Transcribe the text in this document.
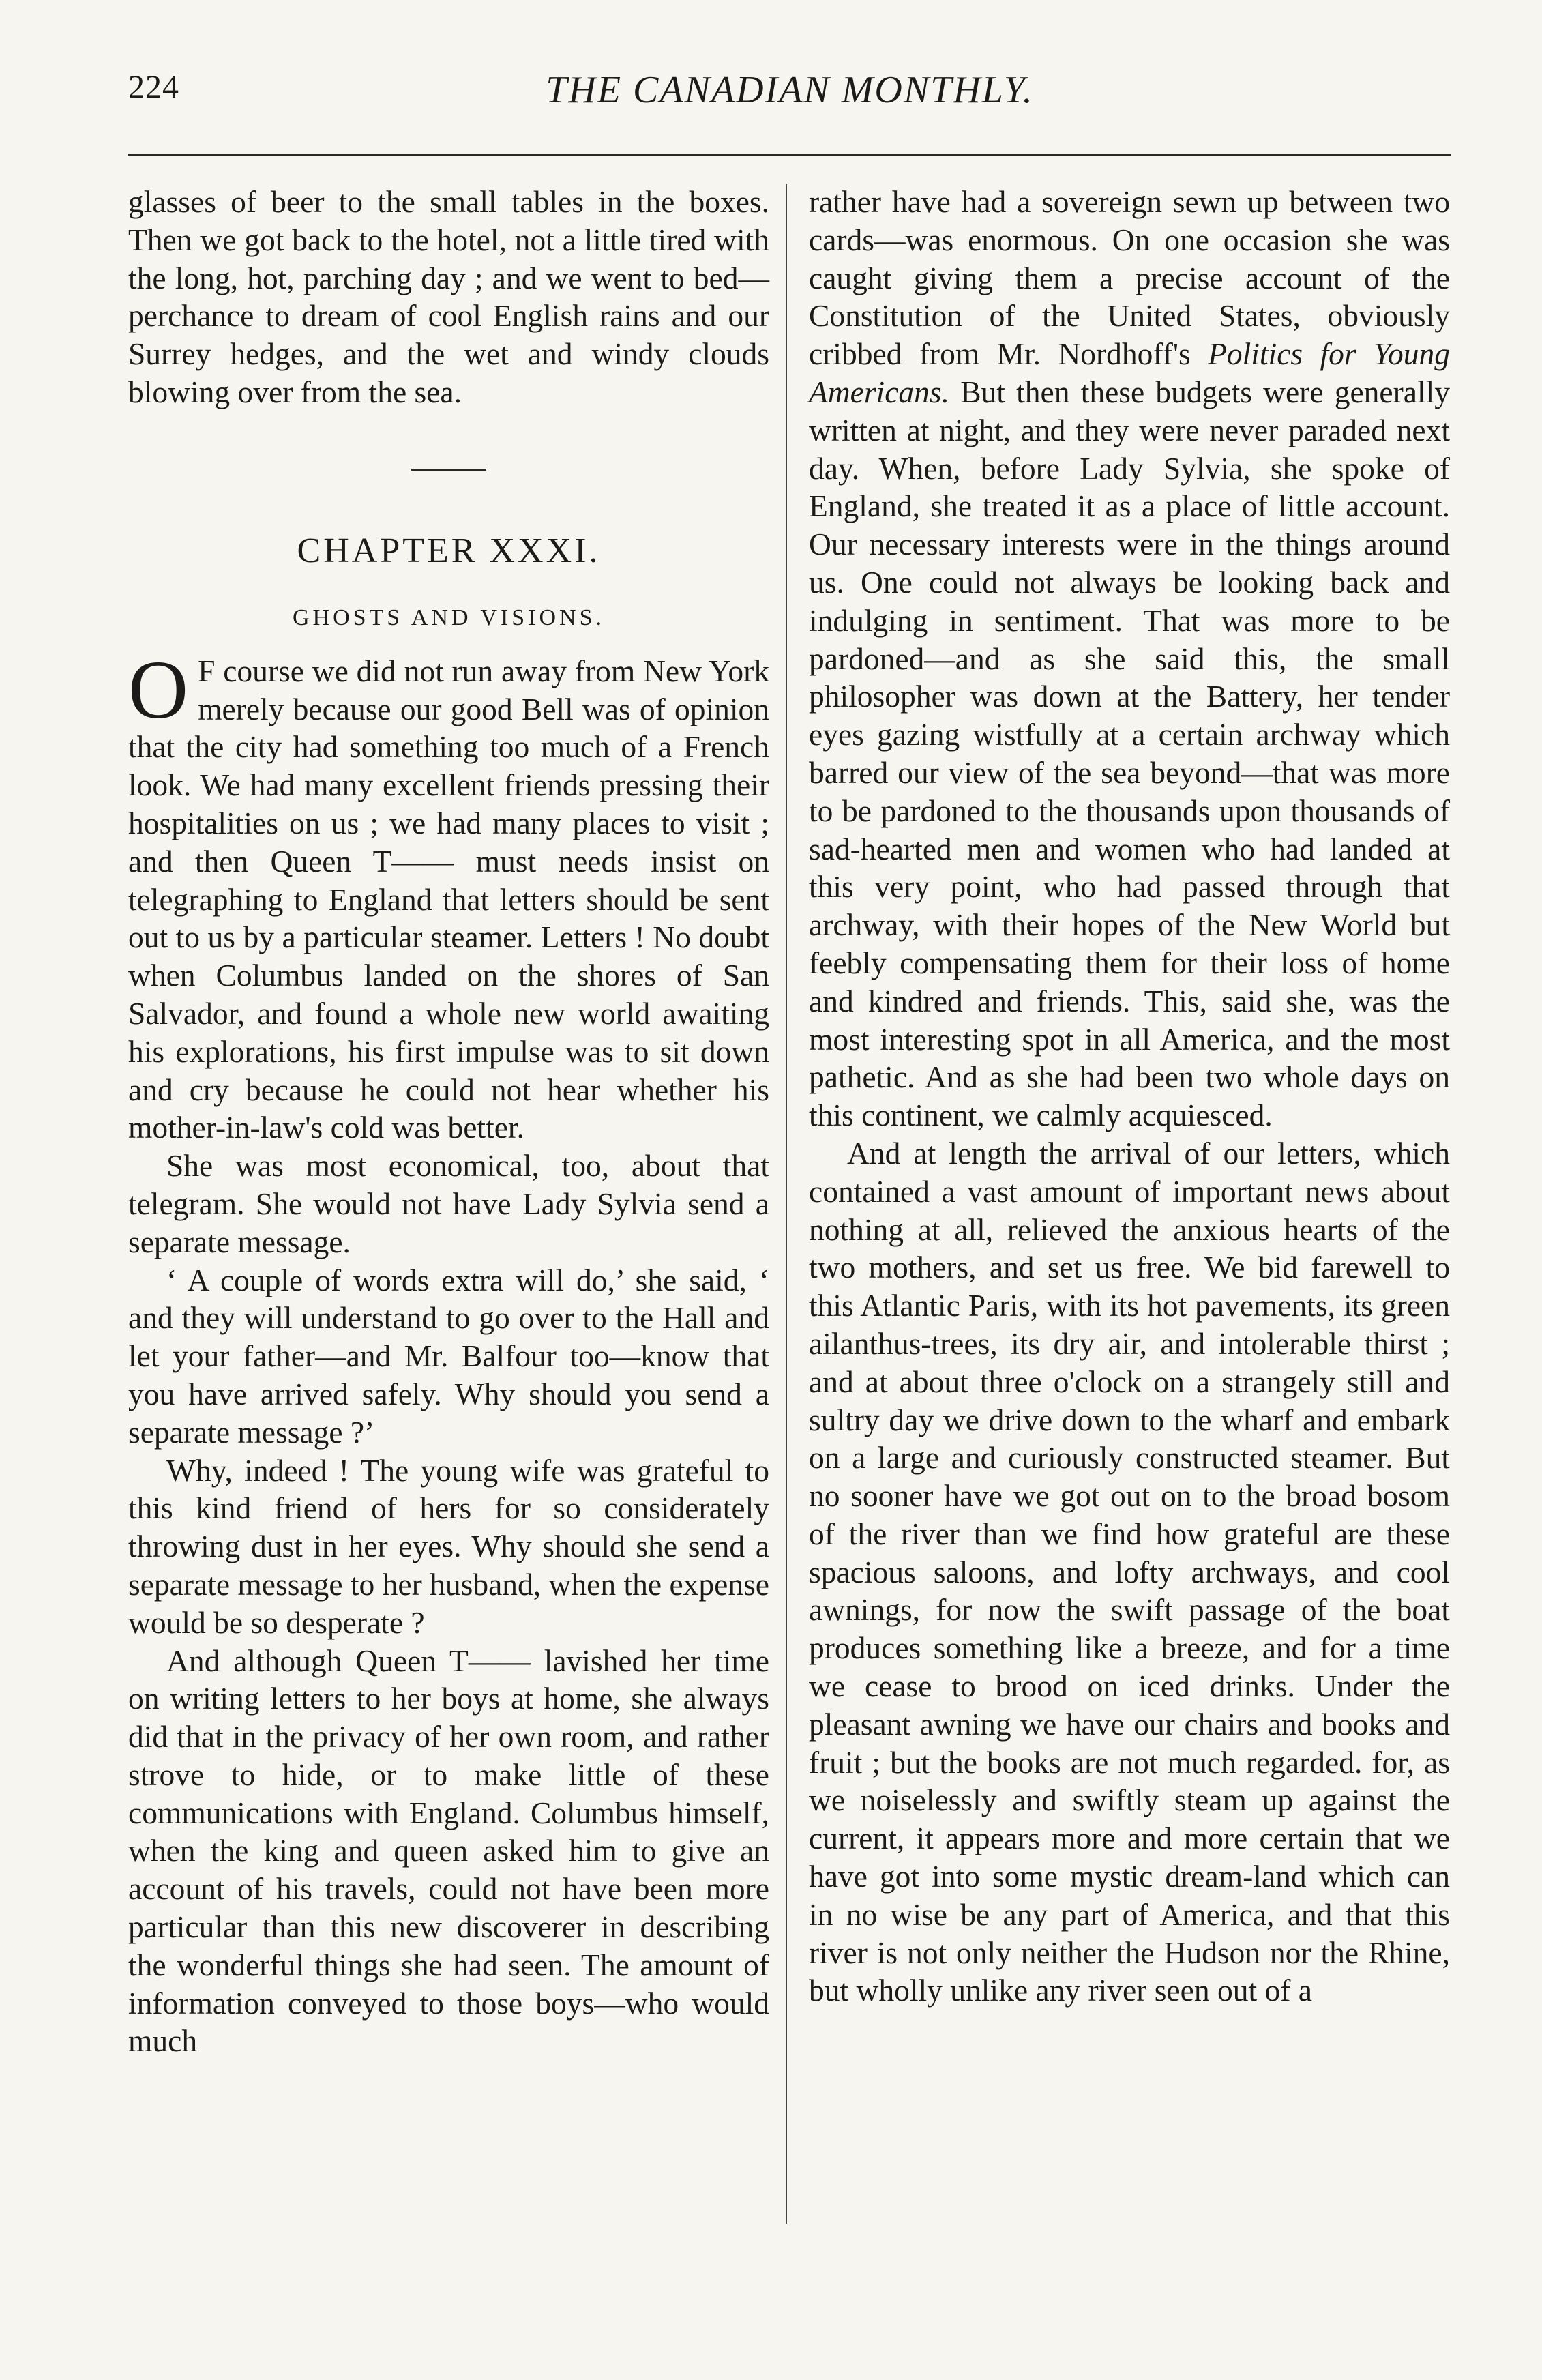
224	THE CANADIAN MONTHLY.

glasses of beer to the small tables in the boxes. Then we got back to the hotel, not a little tired with the long, hot, parching day ; and we went to bed—perchance to dream of cool English rains and our Surrey hedges, and the wet and windy clouds blowing over from the sea.

CHAPTER XXXI.
GHOSTS AND VISIONS.

O F course we did not run away from New York merely because our good Bell was of opinion that the city had something too much of a French look. We had many excellent friends pressing their hospitalities on us ; we had many places to visit ; and then Queen T—— must needs insist on telegraphing to England that letters should be sent out to us by a particular steamer. Letters ! No doubt when Columbus landed on the shores of San Salvador, and found a whole new world awaiting his explorations, his first impulse was to sit down and cry because he could not hear whether his mother-in-law's cold was better.

She was most economical, too, about that telegram. She would not have Lady Sylvia send a separate message.

‘ A couple of words extra will do,’ she said, ‘ and they will understand to go over to the Hall and let your father—and Mr. Balfour too—know that you have arrived safely. Why should you send a separate message ?’

Why, indeed ! The young wife was grateful to this kind friend of hers for so considerately throwing dust in her eyes. Why should she send a separate message to her husband, when the expense would be so desperate ?

And although Queen T—— lavished her time on writing letters to her boys at home, she always did that in the privacy of her own room, and rather strove to hide, or to make little of these communications with England. Columbus himself, when the king and queen asked him to give an account of his travels, could not have been more particular than this new discoverer in describing the wonderful things she had seen. The amount of information conveyed to those boys—who would much

rather have had a sovereign sewn up between two cards—was enormous. On one occasion she was caught giving them a precise account of the Constitution of the United States, obviously cribbed from Mr. Nordhoff's Politics for Young Americans. But then these budgets were generally written at night, and they were never paraded next day. When, before Lady Sylvia, she spoke of England, she treated it as a place of little account. Our necessary interests were in the things around us. One could not always be looking back and indulging in sentiment. That was more to be pardoned—and as she said this, the small philosopher was down at the Battery, her tender eyes gazing wistfully at a certain archway which barred our view of the sea beyond—that was more to be pardoned to the thousands upon thousands of sad-hearted men and women who had landed at this very point, who had passed through that archway, with their hopes of the New World but feebly compensating them for their loss of home and kindred and friends. This, said she, was the most interesting spot in all America, and the most pathetic. And as she had been two whole days on this continent, we calmly acquiesced.

And at length the arrival of our letters, which contained a vast amount of important news about nothing at all, relieved the anxious hearts of the two mothers, and set us free. We bid farewell to this Atlantic Paris, with its hot pavements, its green ailanthus-trees, its dry air, and intolerable thirst ; and at about three o'clock on a strangely still and sultry day we drive down to the wharf and embark on a large and curiously constructed steamer. But no sooner have we got out on to the broad bosom of the river than we find how grateful are these spacious saloons, and lofty archways, and cool awnings, for now the swift passage of the boat produces something like a breeze, and for a time we cease to brood on iced drinks. Under the pleasant awning we have our chairs and books and fruit ; but the books are not much regarded. for, as we noiselessly and swiftly steam up against the current, it appears more and more certain that we have got into some mystic dream-land which can in no wise be any part of America, and that this river is not only neither the Hudson nor the Rhine, but wholly unlike any river seen out of a
